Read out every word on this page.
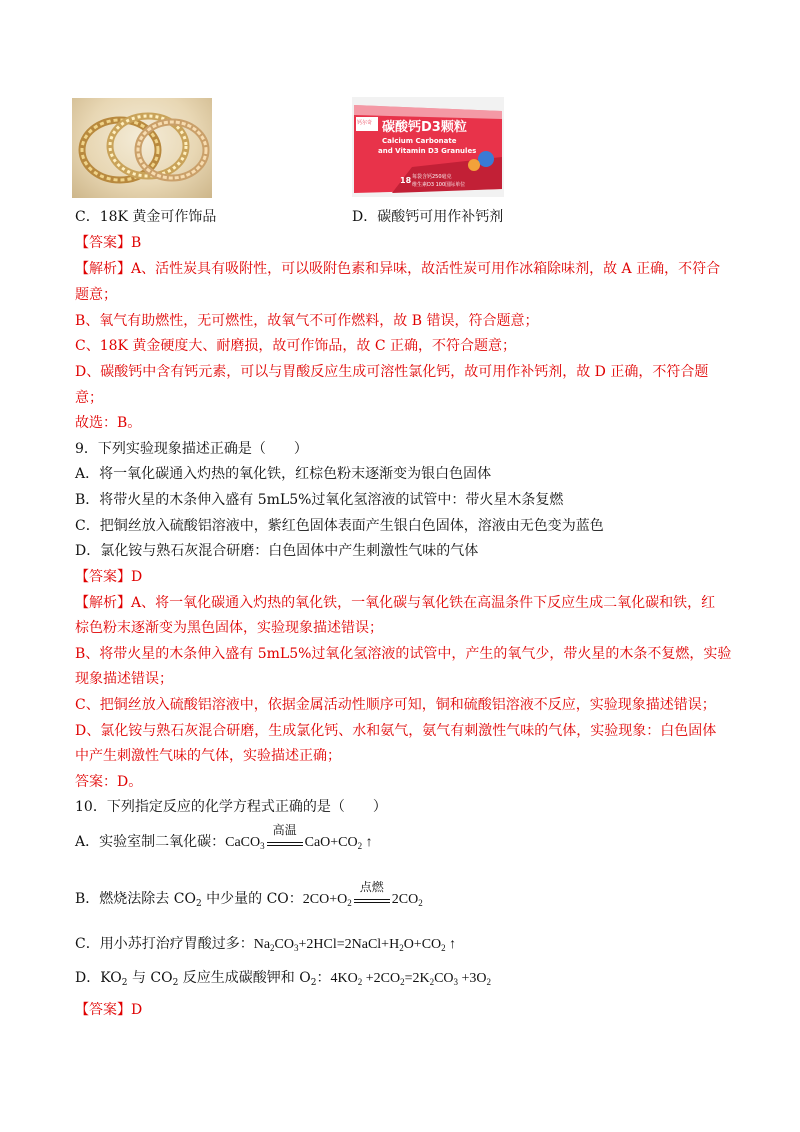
钙尔奇 碳酸钙D3颗粒
Calcium Carbonate
and Vitamin D3 Granules
18 每袋含钙250毫克
维生素D3 100国际单位
C．18K 黄金可作饰品	D．碳酸钙可用作补钙剂
【答案】B
【解析】A、活性炭具有吸附性，可以吸附色素和异味，故活性炭可用作冰箱除味剂，故 A 正确，不符合
题意；
B、氧气有助燃性，无可燃性，故氧气不可作燃料，故 B 错误，符合题意；
C、18K 黄金硬度大、耐磨损，故可作饰品，故 C 正确，不符合题意；
D、碳酸钙中含有钙元素，可以与胃酸反应生成可溶性氯化钙，故可用作补钙剂，故 D 正确，不符合题
意；
故选：B。
9．下列实验现象描述正确是（　　）
A．将一氧化碳通入灼热的氧化铁，红棕色粉末逐渐变为银白色固体
B．将带火星的木条伸入盛有 5mL5%过氧化氢溶液的试管中：带火星木条复燃
C．把铜丝放入硫酸铝溶液中，紫红色固体表面产生银白色固体，溶液由无色变为蓝色
D．氯化铵与熟石灰混合研磨：白色固体中产生刺激性气味的气体
【答案】D
【解析】A、将一氧化碳通入灼热的氧化铁，一氧化碳与氧化铁在高温条件下反应生成二氧化碳和铁，红
棕色粉末逐渐变为黑色固体，实验现象描述错误；
B、将带火星的木条伸入盛有 5mL5%过氧化氢溶液的试管中，产生的氧气少，带火星的木条不复燃，实验
现象描述错误；
C、把铜丝放入硫酸铝溶液中，依据金属活动性顺序可知，铜和硫酸铝溶液不反应，实验现象描述错误；
D、氯化铵与熟石灰混合研磨，生成氯化钙、水和氨气，氨气有刺激性气味的气体，实验现象：白色固体
中产生刺激性气味的气体，实验描述正确；
答案：D。
10．下列指定反应的化学方程式正确的是（　　）
A．实验室制二氧化碳：CaCO$_3$
高温
$CaO+CO_2$ ↑
B．燃烧法除去 $CO_2$ 中少量的 CO：$2CO+O_2$
点燃
$2CO_2$
C．用小苏打治疗胃酸过多：$Na_2CO_3+2HCl=2NaCl+H_2O+CO_2$ ↑
D．$KO_2$ 与 $CO_2$ 反应生成碳酸钾和 $O_2$：$4KO_2 +2CO_2=2K_2CO_3 +3O_2$
【答案】D
